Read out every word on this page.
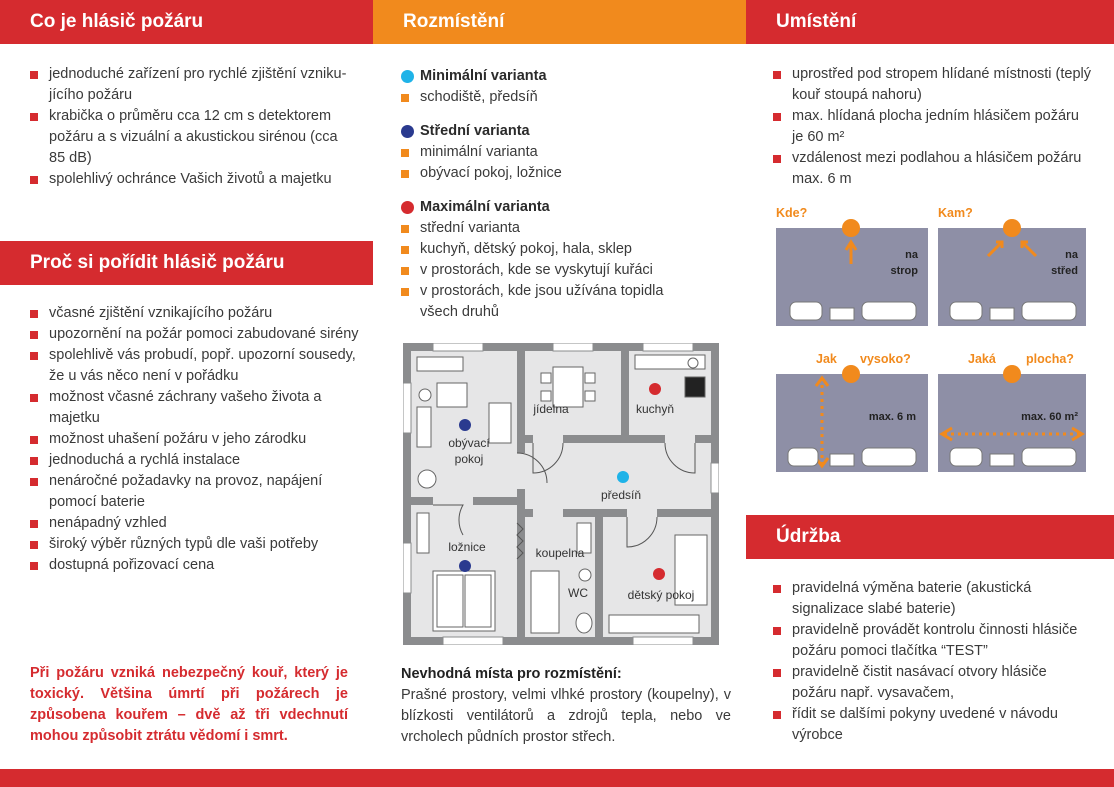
Co je hlásič požáru
jednoduché zařízení pro rychlé zjištění vznikujícího požáru
krabička o průměru cca 12 cm s detektorem požáru a s vizuální a akustickou sirénou (cca 85 dB)
spolehlivý ochránce Vašich životů a majetku
Proč si pořídit hlásič požáru
včasné zjištění vznikajícího požáru
upozornění na požár pomoci zabudované sirény
spolehlivě vás probudí, popř. upozorní sousedy, že u vás něco není v pořádku
možnost včasné záchrany vašeho života a majetku
možnost uhašení požáru v jeho zárodku
jednoduchá a rychlá instalace
nenáročné požadavky na provoz, napájení pomocí baterie
nenápadný vzhled
široký výběr různých typů dle vaši potřeby
dostupná pořizovací cena

Při požáru vzniká nebezpečný kouř, který je toxický. Většina úmrtí při požárech je způsobena kouřem – dvě až tři vdechnutí mohou způsobit ztrátu vědomí i smrt.

Rozmístění
Minimální varianta
schodiště, předsíň
Střední varianta
minimální varianta
obývací pokoj, ložnice
Maximální varianta
střední varianta
kuchyň, dětský pokoj, hala, sklep
v prostorách, kde se vyskytují kuřáci
v prostorách, kde jsou užívána topidla všech druhů
jídelna	kuchyň
obývací
pokoj
předsíň
ložnice	koupelna
WC	dětský pokoj
Nevhodná místa pro rozmístění:
Prašné prostory, velmi vlhké prostory (koupelny), v blízkosti ventilátorů a zdrojů tepla, nebo ve vrcholech půdních prostor střech.
Umístění
uprostřed pod stropem hlídané místnosti (teplý kouř stoupá nahoru)
max. hlídaná plocha jedním hlásičem požáru je 60 m²
vzdálenost mezi podlahou a hlásičem požáru max. 6 m
Kde?
na
strop
Kam?
na
střed
Jak vysoko?
max. 6 m
Jaká plocha?
max. 60 m²
Údržba
pravidelná výměna baterie (akustická signalizace slabé baterie)
pravidelně provádět kontrolu činnosti hlásiče požáru pomoci tlačítka “TEST”
pravidelně čistit nasávací otvory hlásiče požáru např. vysavačem,
řídit se dalšími pokyny uvedené v návodu výrobce
